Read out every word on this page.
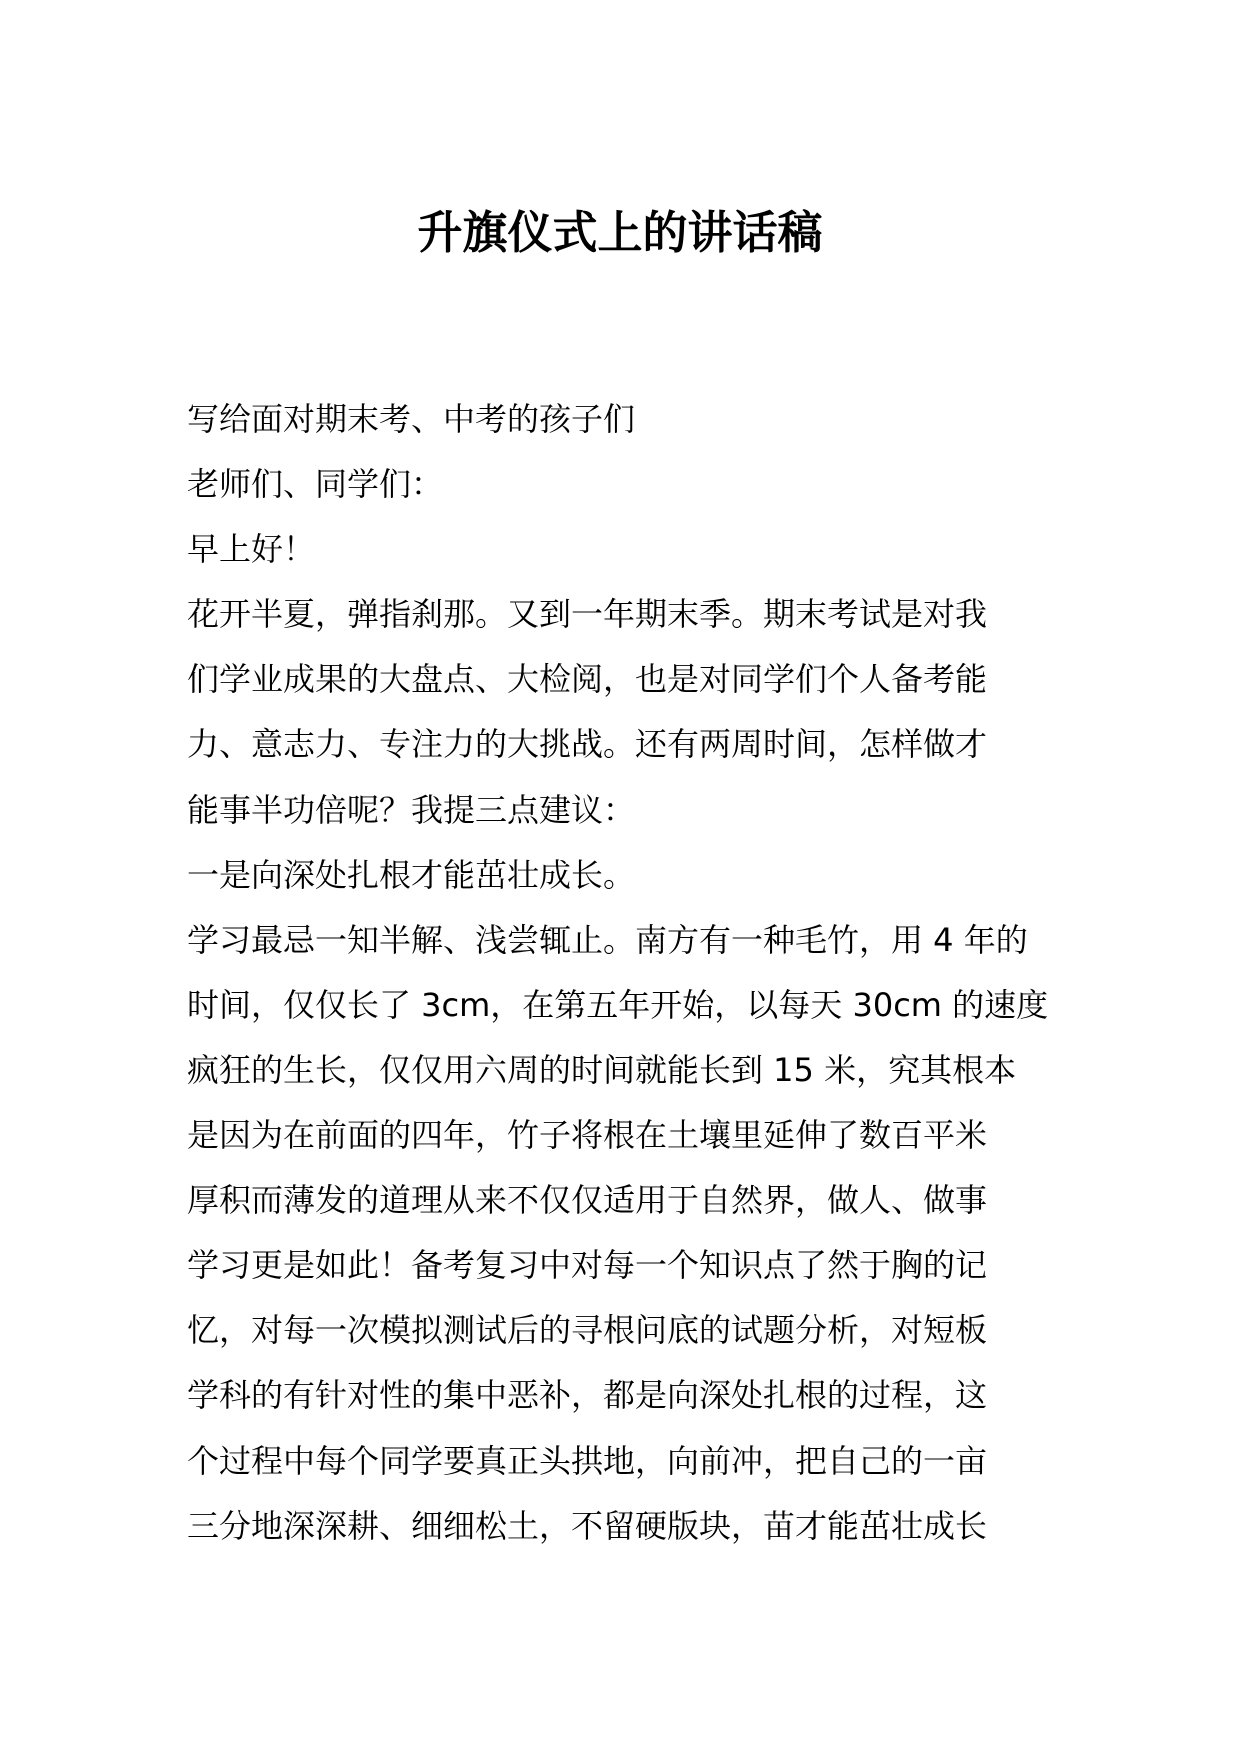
升旗仪式上的讲话稿
写给面对期末考、中考的孩子们
老师们、同学们：
早上好！
花开半夏，弹指刹那。又到一年期末季。期末考试是对我
们学业成果的大盘点、大检阅，也是对同学们个人备考能
力、意志力、专注力的大挑战。还有两周时间，怎样做才
能事半功倍呢？我提三点建议：
一是向深处扎根才能茁壮成长。
学习最忌一知半解、浅尝辄止。南方有一种毛竹，用 4 年的
时间，仅仅长了 3cm，在第五年开始，以每天 30cm 的速度
疯狂的生长，仅仅用六周的时间就能长到 15 米，究其根本
是因为在前面的四年，竹子将根在土壤里延伸了数百平米
厚积而薄发的道理从来不仅仅适用于自然界，做人、做事
学习更是如此！备考复习中对每一个知识点了然于胸的记
忆，对每一次模拟测试后的寻根问底的试题分析，对短板
学科的有针对性的集中恶补，都是向深处扎根的过程，这
个过程中每个同学要真正头拱地，向前冲，把自己的一亩
三分地深深耕、细细松土，不留硬版块，苗才能茁壮成长
